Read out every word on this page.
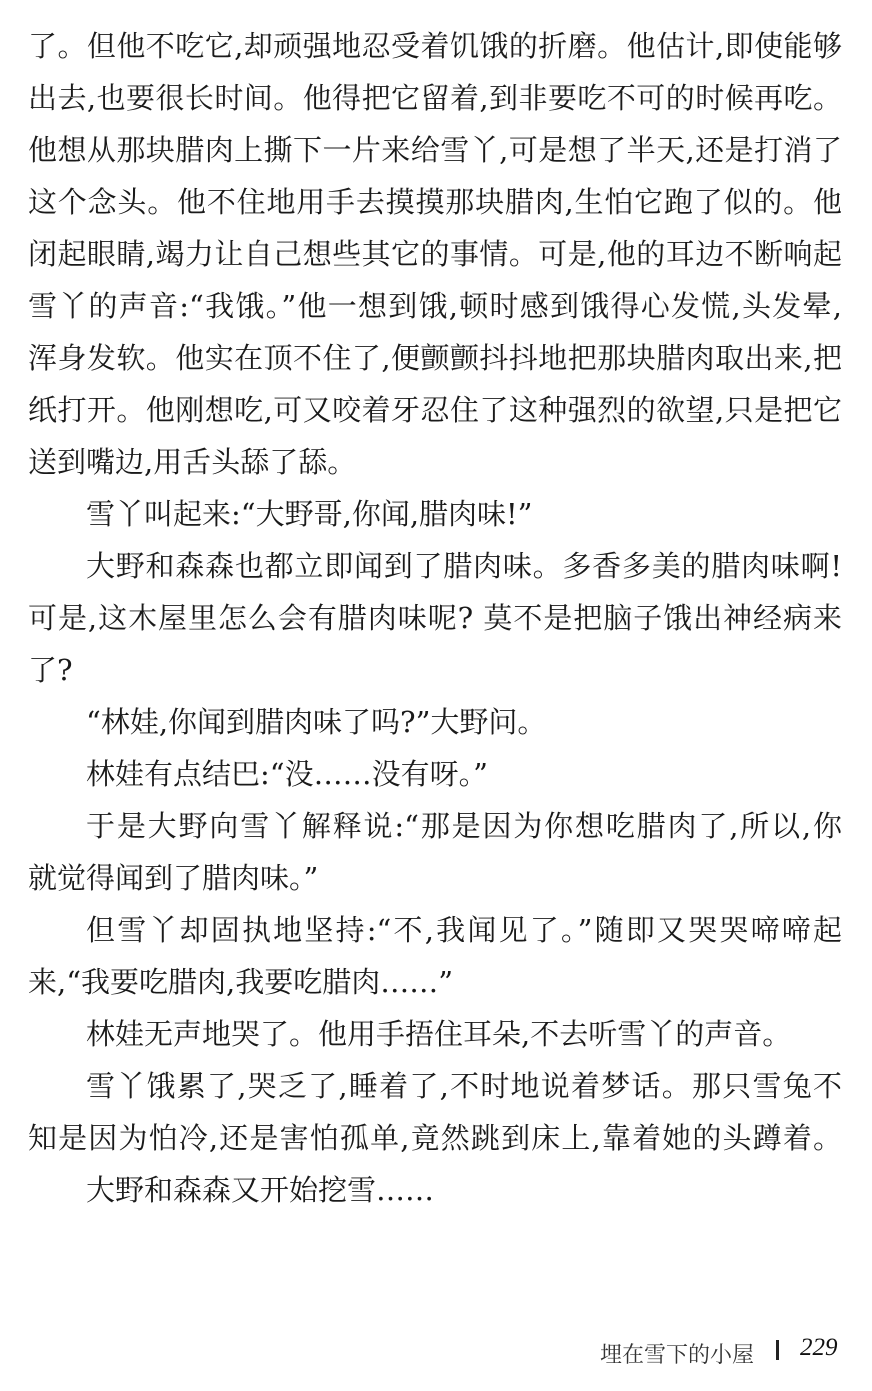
了。但他不吃它,却顽强地忍受着饥饿的折磨。他估计,即使能够
出去,也要很长时间。他得把它留着,到非要吃不可的时候再吃。
他想从那块腊肉上撕下一片来给雪丫,可是想了半天,还是打消了
这个念头。他不住地用手去摸摸那块腊肉,生怕它跑了似的。他
闭起眼睛,竭力让自己想些其它的事情。可是,他的耳边不断响起
雪丫的声音:“我饿。”他一想到饿,顿时感到饿得心发慌,头发晕,
浑身发软。他实在顶不住了,便颤颤抖抖地把那块腊肉取出来,把
纸打开。他刚想吃,可又咬着牙忍住了这种强烈的欲望,只是把它
送到嘴边,用舌头舔了舔。
雪丫叫起来:“大野哥,你闻,腊肉味!”
大野和森森也都立即闻到了腊肉味。多香多美的腊肉味啊!
可是,这木屋里怎么会有腊肉味呢? 莫不是把脑子饿出神经病来
了?
“林娃,你闻到腊肉味了吗?”大野问。
林娃有点结巴:“没……没有呀。”
于是大野向雪丫解释说:“那是因为你想吃腊肉了,所以,你
就觉得闻到了腊肉味。”
但雪丫却固执地坚持:“不,我闻见了。”随即又哭哭啼啼起
来,“我要吃腊肉,我要吃腊肉……”
林娃无声地哭了。他用手捂住耳朵,不去听雪丫的声音。
雪丫饿累了,哭乏了,睡着了,不时地说着梦话。那只雪兔不
知是因为怕冷,还是害怕孤单,竟然跳到床上,靠着她的头蹲着。
大野和森森又开始挖雪……
埋在雪下的小屋 229
